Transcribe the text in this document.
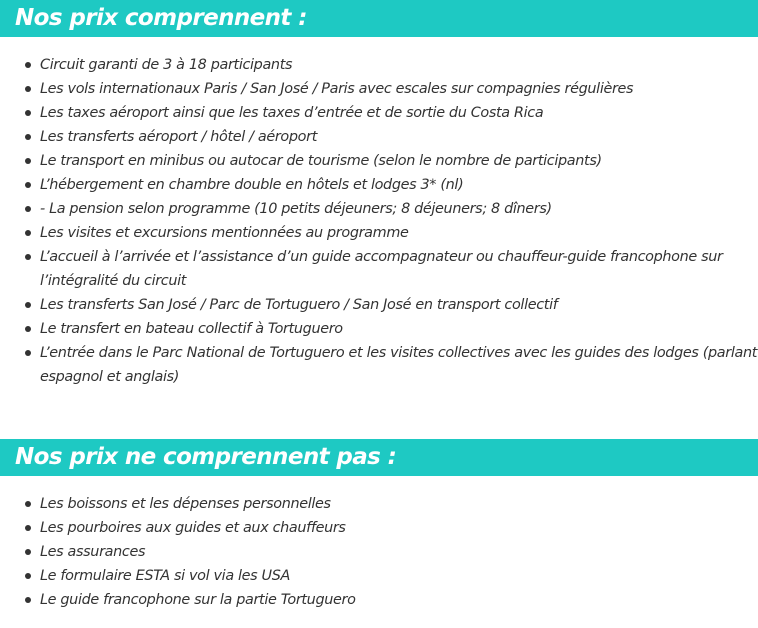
Nos prix comprennent :
Circuit garanti de 3 à 18 participants
Les vols internationaux Paris / San José / Paris avec escales sur compagnies régulières
Les taxes aéroport ainsi que les taxes d’entrée et de sortie du Costa Rica
Les transferts aéroport / hôtel / aéroport
Le transport en minibus ou autocar de tourisme (selon le nombre de participants)
L’hébergement en chambre double en hôtels et lodges 3* (nl)
- La pension selon programme (10 petits déjeuners; 8 déjeuners; 8 dîners)
Les visites et excursions mentionnées au programme
L’accueil à l’arrivée et l’assistance d’un guide accompagnateur ou chauffeur-guide francophone sur l’intégralité du circuit
Les transferts San José / Parc de Tortuguero / San José en transport collectif
Le transfert en bateau collectif à Tortuguero
L’entrée dans le Parc National de Tortuguero et les visites collectives avec les guides des lodges (parlant espagnol et anglais)
Nos prix ne comprennent pas :
Les boissons et les dépenses personnelles
Les pourboires aux guides et aux chauffeurs
Les assurances
Le formulaire ESTA si vol via les USA
Le guide francophone sur la partie Tortuguero
